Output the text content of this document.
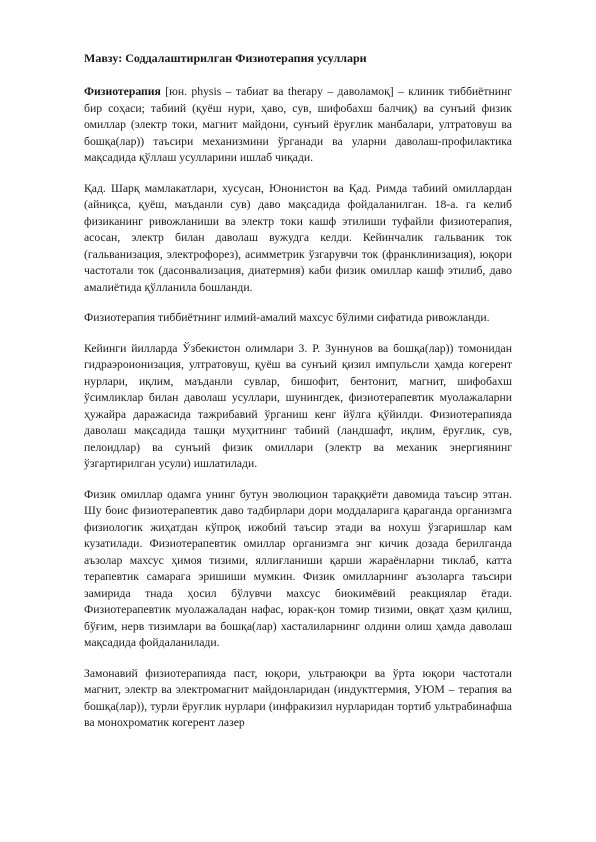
Мавзу: Соддалаштирилган Физиотерапия усуллари

Физиотерапия [юн. physis – табиат ва therapy – даволамоқ] – клиник тиббиётнинг бир соҳаси; табиий (қуёш нури, ҳаво, сув, шифобахш балчиқ) ва сунъий физик омиллар (электр токи, магнит майдони, сунъий ёруғлик манбалари, ултратовуш ва бошқа(лар)) таъсири механизмини ўрганади ва уларни даволаш-профилактика мақсадида қўллаш усулларини ишлаб чиқади.

Қад. Шарқ мамлакатлари, хусусан, Юнонистон ва Қад. Римда табиий омиллардан (айниқса, қуёш, маъданли сув) даво мақсадида фойдаланилган. 18-а. га келиб физиканинг ривожланиши ва электр токи кашф этилиши туфайли физиотерапия, асосан, электр билан даволаш вужудга келди. Кейинчалик гальваник ток (гальванизация, электрофорез), асимметрик ўзгарувчи ток (франклинизация), юқори частотали ток (дасонвализация, диатермия) каби физик омиллар кашф этилиб, даво амалиётида қўлланила бошланди.

Физиотерапия тиббиётнинг илмий-амалий махсус бўлими сифатида ривожланди.

Кейинги йилларда Ўзбекистон олимлари 3. Р. Зуннунов ва бошқа(лар)) томонидан гидраэроионизация, ултратовуш, қуёш ва сунъий қизил импульсли ҳамда когерент нурлари, иқлим, маъданли сувлар, бишофит, бентонит, магнит, шифобахш ўсимликлар билан даволаш усуллари, шунингдек, физиотерапевтик муолажаларни ҳужайра даражасида тажрибавий ўрганиш кенг йўлга қўйилди. Физиотерапияда даволаш мақсадида ташқи муҳитнинг табиий (ландшафт, иқлим, ёруғлик, сув, пелоидлар) ва сунъий физик омиллари (электр ва механик энергиянинг ўзгартирилган усули) ишлатилади.

Физик омиллар одамга унинг бутун эволюцион тараққиёти давомида таъсир этган. Шу боис физиотерапевтик даво тадбирлари дори моддаларига қараганда организмга физиологик жиҳатдан кўпроқ ижобий таъсир этади ва нохуш ўзгаришлар кам кузатилади. Физиотерапевтик омиллар организмга энг кичик дозада берилганда аъзолар махсус ҳимоя тизими, яллиғланиши қарши жараёнларни тиклаб, катта терапевтик самарага эришиши мумкин. Физик омилларнинг аъзоларга таъсири замирида тнада ҳосил бўлувчи махсус биокимёвий реакциялар ётади. Физиотерапевтик муолажаладан нафас, юрак-қон томир тизими, овқат ҳазм қилиш, бўғим, нерв тизимлари ва бошқа(лар) хасталиларнинг олдини олиш ҳамда даволаш мақсадида фойдаланилади.

Замонавий физиотерапияда паст, юқори, ультраюқри ва ўрта юқори частотали магнит, электр ва электромагнит майдонларидан (индуктгермия, УЮМ – терапия ва бошқа(лар)), турли ёруғлик нурлари (инфракизил нурларидан тортиб ультрабинафша ва монохроматик когерент лазер
